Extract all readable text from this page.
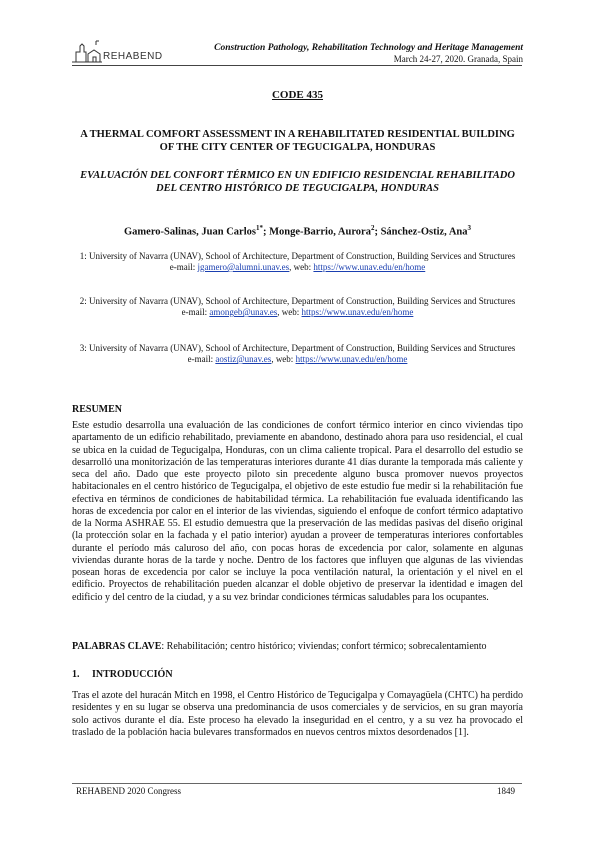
REHABEND
Construction Pathology, Rehabilitation Technology and Heritage Management
March 24-27, 2020. Granada, Spain
CODE 435
A THERMAL COMFORT ASSESSMENT IN A REHABILITATED RESIDENTIAL BUILDING OF THE CITY CENTER OF TEGUCIGALPA, HONDURAS
EVALUACIÓN DEL CONFORT TÉRMICO EN UN EDIFICIO RESIDENCIAL REHABILITADO DEL CENTRO HISTÓRICO DE TEGUCIGALPA, HONDURAS
Gamero-Salinas, Juan Carlos$^{1*}$; Monge-Barrio, Aurora$^2$; Sánchez-Ostiz, Ana$^3$
1: University of Navarra (UNAV), School of Architecture, Department of Construction, Building Services and Structures
e-mail: jgamero@alumni.unav.es, web: https://www.unav.edu/en/home
2: University of Navarra (UNAV), School of Architecture, Department of Construction, Building Services and Structures
e-mail: amongeb@unav.es, web: https://www.unav.edu/en/home
3: University of Navarra (UNAV), School of Architecture, Department of Construction, Building Services and Structures
e-mail: aostiz@unav.es, web: https://www.unav.edu/en/home
RESUMEN
Este estudio desarrolla una evaluación de las condiciones de confort térmico interior en cinco viviendas tipo apartamento de un edificio rehabilitado, previamente en abandono, destinado ahora para uso residencial, el cual se ubica en la cuidad de Tegucigalpa, Honduras, con un clima caliente tropical. Para el desarrollo del estudio se desarrolló una monitorización de las temperaturas interiores durante 41 días durante la temporada más caliente y seca del año. Dado que este proyecto piloto sin precedente alguno busca promover nuevos proyectos habitacionales en el centro histórico de Tegucigalpa, el objetivo de este estudio fue medir si la rehabilitación fue efectiva en términos de condiciones de habitabilidad térmica. La rehabilitación fue evaluada identificando las horas de excedencia por calor en el interior de las viviendas, siguiendo el enfoque de confort térmico adaptativo de la Norma ASHRAE 55. El estudio demuestra que la preservación de las medidas pasivas del diseño original (la protección solar en la fachada y el patio interior) ayudan a proveer de temperaturas interiores confortables durante el período más caluroso del año, con pocas horas de excedencia por calor, solamente en algunas viviendas durante horas de la tarde y noche. Dentro de los factores que influyen que algunas de las viviendas posean horas de excedencia por calor se incluye la poca ventilación natural, la orientación y el nivel en el edificio. Proyectos de rehabilitación pueden alcanzar el doble objetivo de preservar la identidad e imagen del edificio y del centro de la ciudad, y a su vez brindar condiciones térmicas saludables para los ocupantes.
PALABRAS CLAVE: Rehabilitación; centro histórico; viviendas; confort térmico; sobrecalentamiento
1. INTRODUCCIÓN
Tras el azote del huracán Mitch en 1998, el Centro Histórico de Tegucigalpa y Comayagüela (CHTC) ha perdido residentes y en su lugar se observa una predominancia de usos comerciales y de servicios, en su gran mayoría solo activos durante el día. Este proceso ha elevado la inseguridad en el centro, y a su vez ha provocado el traslado de la población hacia bulevares transformados en nuevos centros mixtos desordenados [1].
REHABEND 2020 Congress	1849
